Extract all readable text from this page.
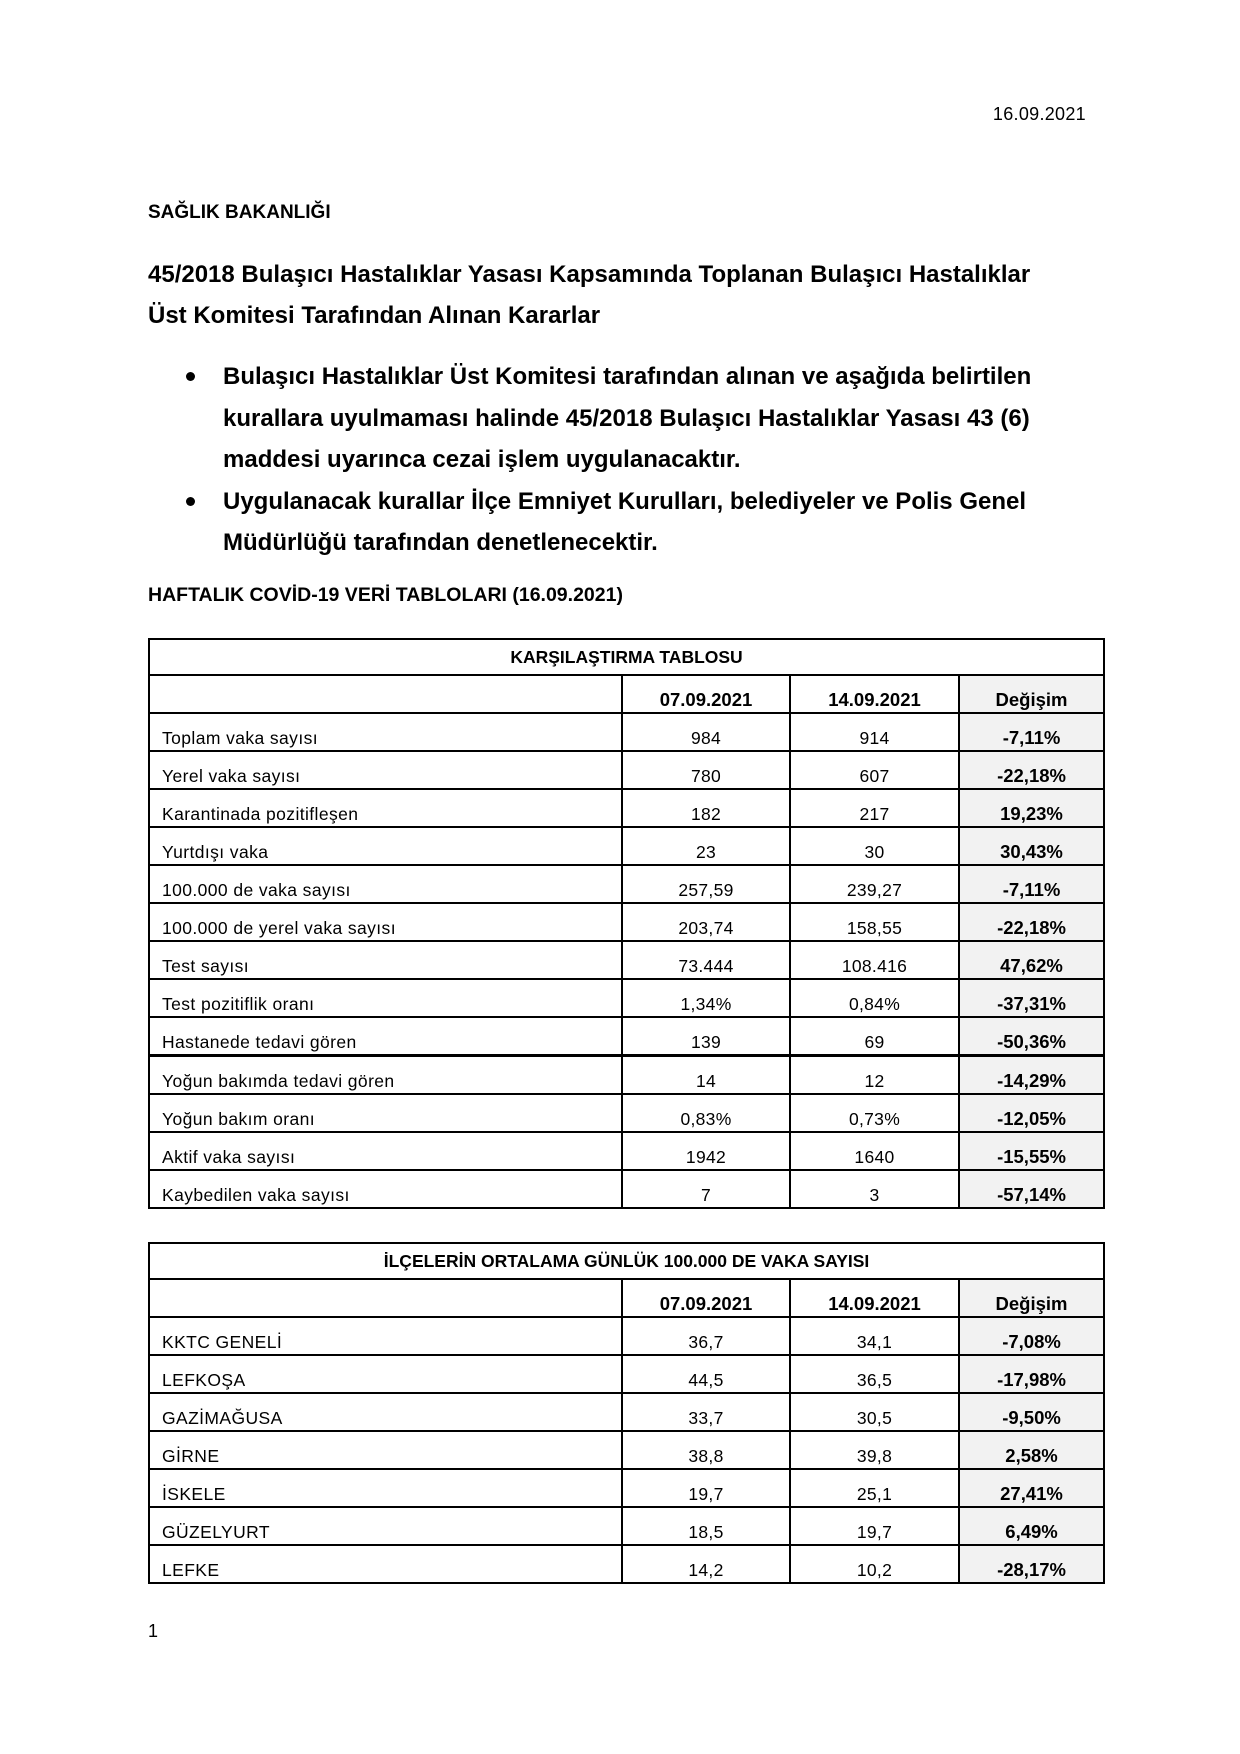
16.09.2021
SAĞLIK BAKANLIĞI
45/2018 Bulaşıcı Hastalıklar Yasası Kapsamında Toplanan Bulaşıcı Hastalıklar
Üst Komitesi Tarafından Alınan Kararlar
Bulaşıcı Hastalıklar Üst Komitesi tarafından alınan ve aşağıda belirtilen kurallara uyulmaması halinde 45/2018 Bulaşıcı Hastalıklar Yasası 43 (6) maddesi uyarınca cezai işlem uygulanacaktır.
Uygulanacak kurallar İlçe Emniyet Kurulları, belediyeler ve Polis Genel Müdürlüğü tarafından denetlenecektir.
HAFTALIK COVİD-19 VERİ TABLOLARI (16.09.2021)
KARŞILAŞTIRMA TABLOSU			
	07.09.2021	14.09.2021	Değişim
Toplam vaka sayısı	984	914	-7,11%
Yerel vaka sayısı	780	607	-22,18%
Karantinada pozitifleşen	182	217	19,23%
Yurtdışı vaka	23	30	30,43%
100.000 de vaka sayısı	257,59	239,27	-7,11%
100.000 de yerel vaka sayısı	203,74	158,55	-22,18%
Test sayısı	73.444	108.416	47,62%
Test pozitiflik oranı	1,34%	0,84%	-37,31%
Hastanede tedavi gören	139	69	-50,36%
Yoğun bakımda tedavi gören	14	12	-14,29%
Yoğun bakım oranı	0,83%	0,73%	-12,05%
Aktif vaka sayısı	1942	1640	-15,55%
Kaybedilen vaka sayısı	7	3	-57,14%
İLÇELERİN ORTALAMA GÜNLÜK 100.000 DE VAKA SAYISI			
	07.09.2021	14.09.2021	Değişim
KKTC GENELİ	36,7	34,1	-7,08%
LEFKOŞA	44,5	36,5	-17,98%
GAZİMAĞUSA	33,7	30,5	-9,50%
GİRNE	38,8	39,8	2,58%
İSKELE	19,7	25,1	27,41%
GÜZELYURT	18,5	19,7	6,49%
LEFKE	14,2	10,2	-28,17%
1
